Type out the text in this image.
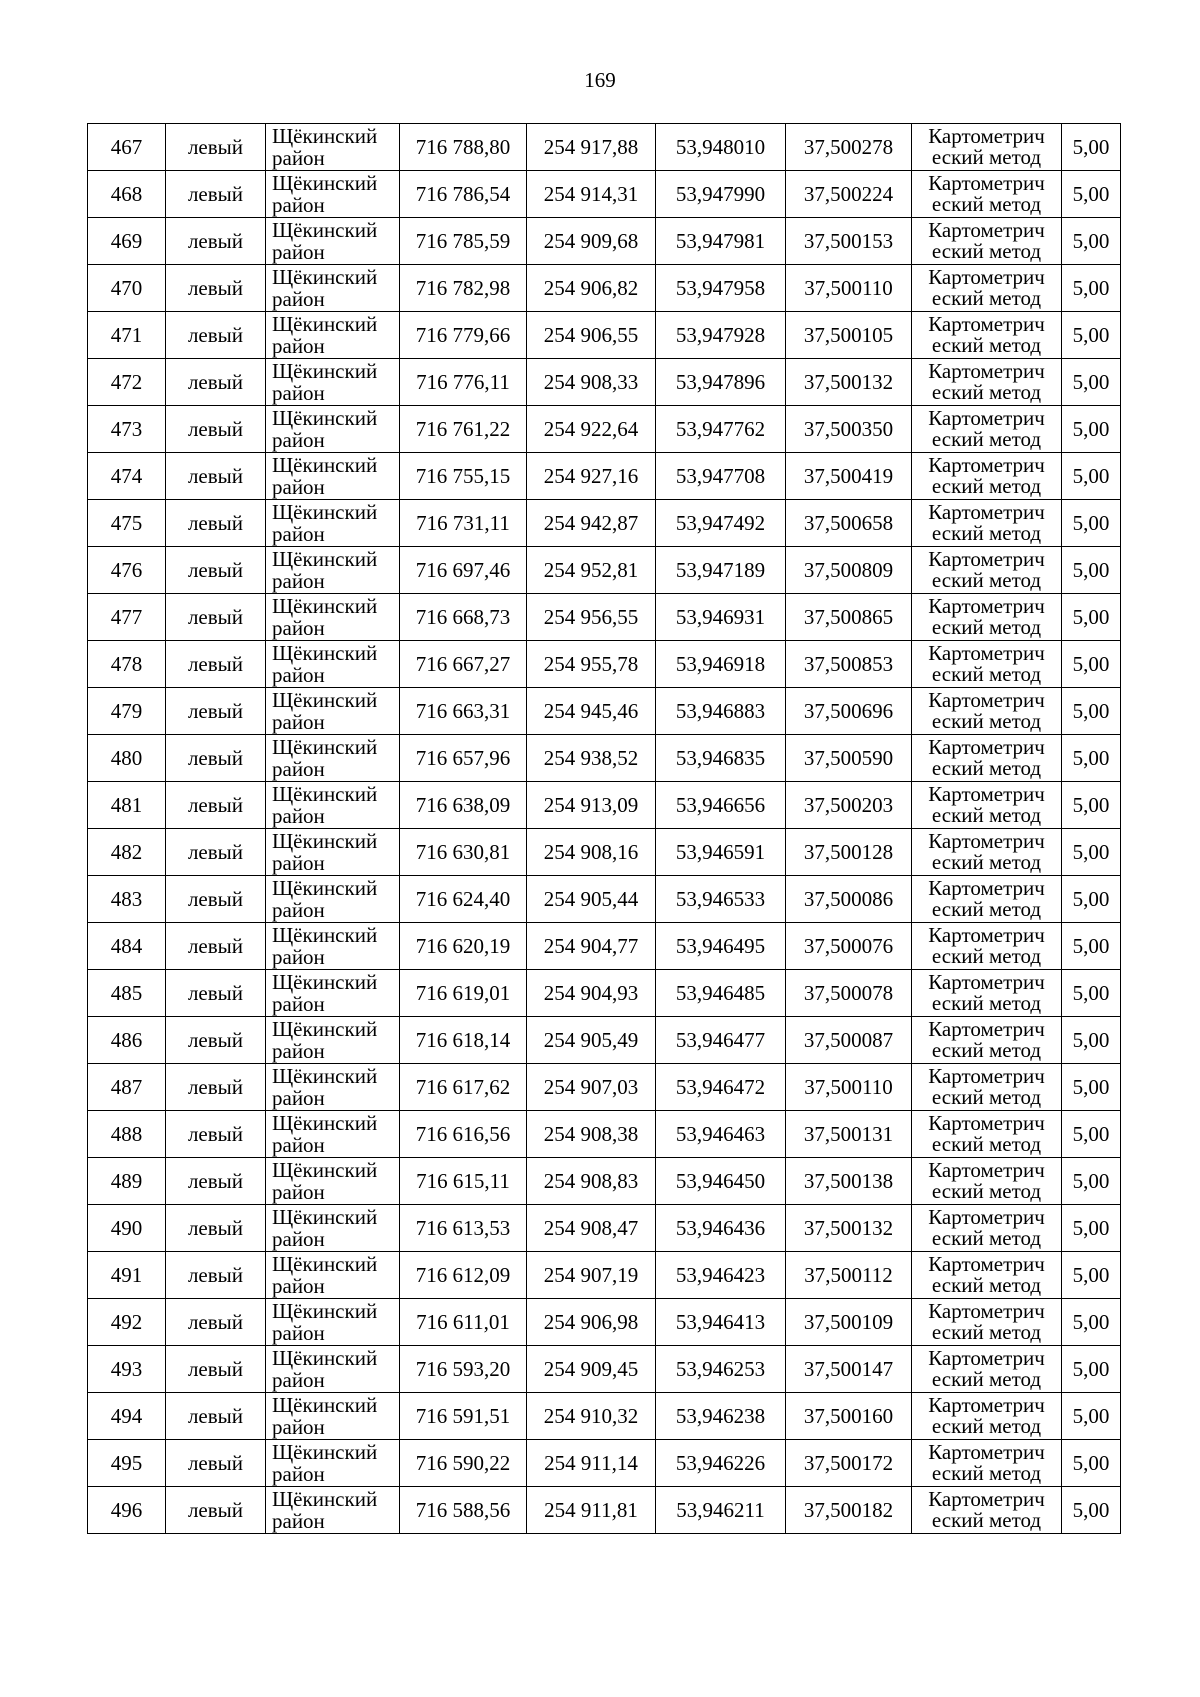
169
467	левый	Щёкинский район	716 788,80	254 917,88	53,948010	37,500278	Картометрич еский метод	5,00
468	левый	Щёкинский район	716 786,54	254 914,31	53,947990	37,500224	Картометрич еский метод	5,00
469	левый	Щёкинский район	716 785,59	254 909,68	53,947981	37,500153	Картометрич еский метод	5,00
470	левый	Щёкинский район	716 782,98	254 906,82	53,947958	37,500110	Картометрич еский метод	5,00
471	левый	Щёкинский район	716 779,66	254 906,55	53,947928	37,500105	Картометрич еский метод	5,00
472	левый	Щёкинский район	716 776,11	254 908,33	53,947896	37,500132	Картометрич еский метод	5,00
473	левый	Щёкинский район	716 761,22	254 922,64	53,947762	37,500350	Картометрич еский метод	5,00
474	левый	Щёкинский район	716 755,15	254 927,16	53,947708	37,500419	Картометрич еский метод	5,00
475	левый	Щёкинский район	716 731,11	254 942,87	53,947492	37,500658	Картометрич еский метод	5,00
476	левый	Щёкинский район	716 697,46	254 952,81	53,947189	37,500809	Картометрич еский метод	5,00
477	левый	Щёкинский район	716 668,73	254 956,55	53,946931	37,500865	Картометрич еский метод	5,00
478	левый	Щёкинский район	716 667,27	254 955,78	53,946918	37,500853	Картометрич еский метод	5,00
479	левый	Щёкинский район	716 663,31	254 945,46	53,946883	37,500696	Картометрич еский метод	5,00
480	левый	Щёкинский район	716 657,96	254 938,52	53,946835	37,500590	Картометрич еский метод	5,00
481	левый	Щёкинский район	716 638,09	254 913,09	53,946656	37,500203	Картометрич еский метод	5,00
482	левый	Щёкинский район	716 630,81	254 908,16	53,946591	37,500128	Картометрич еский метод	5,00
483	левый	Щёкинский район	716 624,40	254 905,44	53,946533	37,500086	Картометрич еский метод	5,00
484	левый	Щёкинский район	716 620,19	254 904,77	53,946495	37,500076	Картометрич еский метод	5,00
485	левый	Щёкинский район	716 619,01	254 904,93	53,946485	37,500078	Картометрич еский метод	5,00
486	левый	Щёкинский район	716 618,14	254 905,49	53,946477	37,500087	Картометрич еский метод	5,00
487	левый	Щёкинский район	716 617,62	254 907,03	53,946472	37,500110	Картометрич еский метод	5,00
488	левый	Щёкинский район	716 616,56	254 908,38	53,946463	37,500131	Картометрич еский метод	5,00
489	левый	Щёкинский район	716 615,11	254 908,83	53,946450	37,500138	Картометрич еский метод	5,00
490	левый	Щёкинский район	716 613,53	254 908,47	53,946436	37,500132	Картометрич еский метод	5,00
491	левый	Щёкинский район	716 612,09	254 907,19	53,946423	37,500112	Картометрич еский метод	5,00
492	левый	Щёкинский район	716 611,01	254 906,98	53,946413	37,500109	Картометрич еский метод	5,00
493	левый	Щёкинский район	716 593,20	254 909,45	53,946253	37,500147	Картометрич еский метод	5,00
494	левый	Щёкинский район	716 591,51	254 910,32	53,946238	37,500160	Картометрич еский метод	5,00
495	левый	Щёкинский район	716 590,22	254 911,14	53,946226	37,500172	Картометрич еский метод	5,00
496	левый	Щёкинский район	716 588,56	254 911,81	53,946211	37,500182	Картометрич еский метод	5,00
